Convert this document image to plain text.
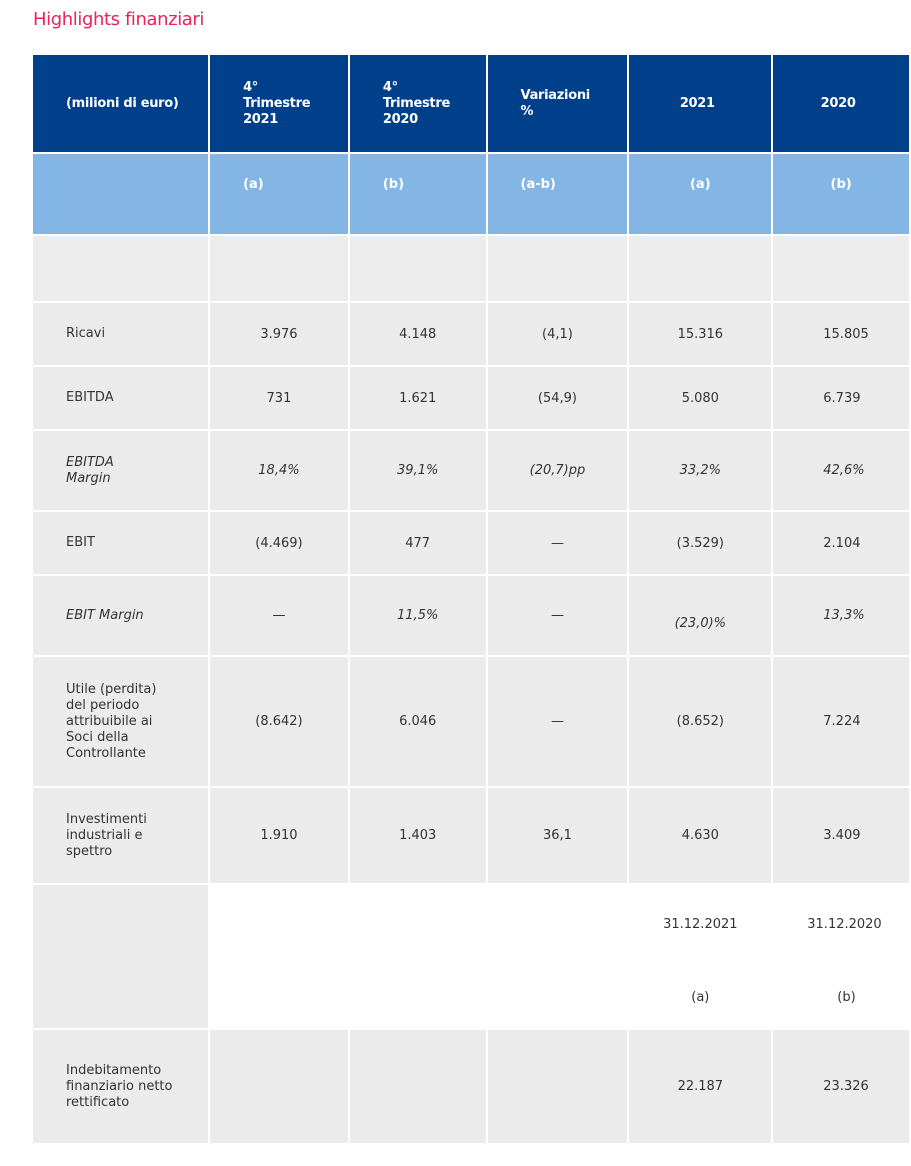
Highlights finanziari
(milioni di euro)	4° Trimestre 2021	4° Trimestre 2020	Variazioni %	2021	2020

	(a)	(b)	(a-b)	(a)	(b)

Ricavi	3.976	4.148	(4,1)	15.316	15.805
EBITDA	731	1.621	(54,9)	5.080	6.739

EBITDA Margin	18,4%	39,1%	(20,7)pp	33,2%	42,6%
EBIT	(4.469)	477	—	(3.529)	2.104
EBIT Margin	—	11,5%	—	(23,0)%	13,3%

Utile (perdita) del periodo attribuibile ai Soci della Controllante	(8.642)	6.046	—	(8.652)	7.224

Investimenti industriali e spettro	1.910	1.403	36,1	4.630	3.409
				31.12.2021	31.12.2020
				(a)	(b)

Indebitamento finanziario netto rettificato				22.187	23.326
